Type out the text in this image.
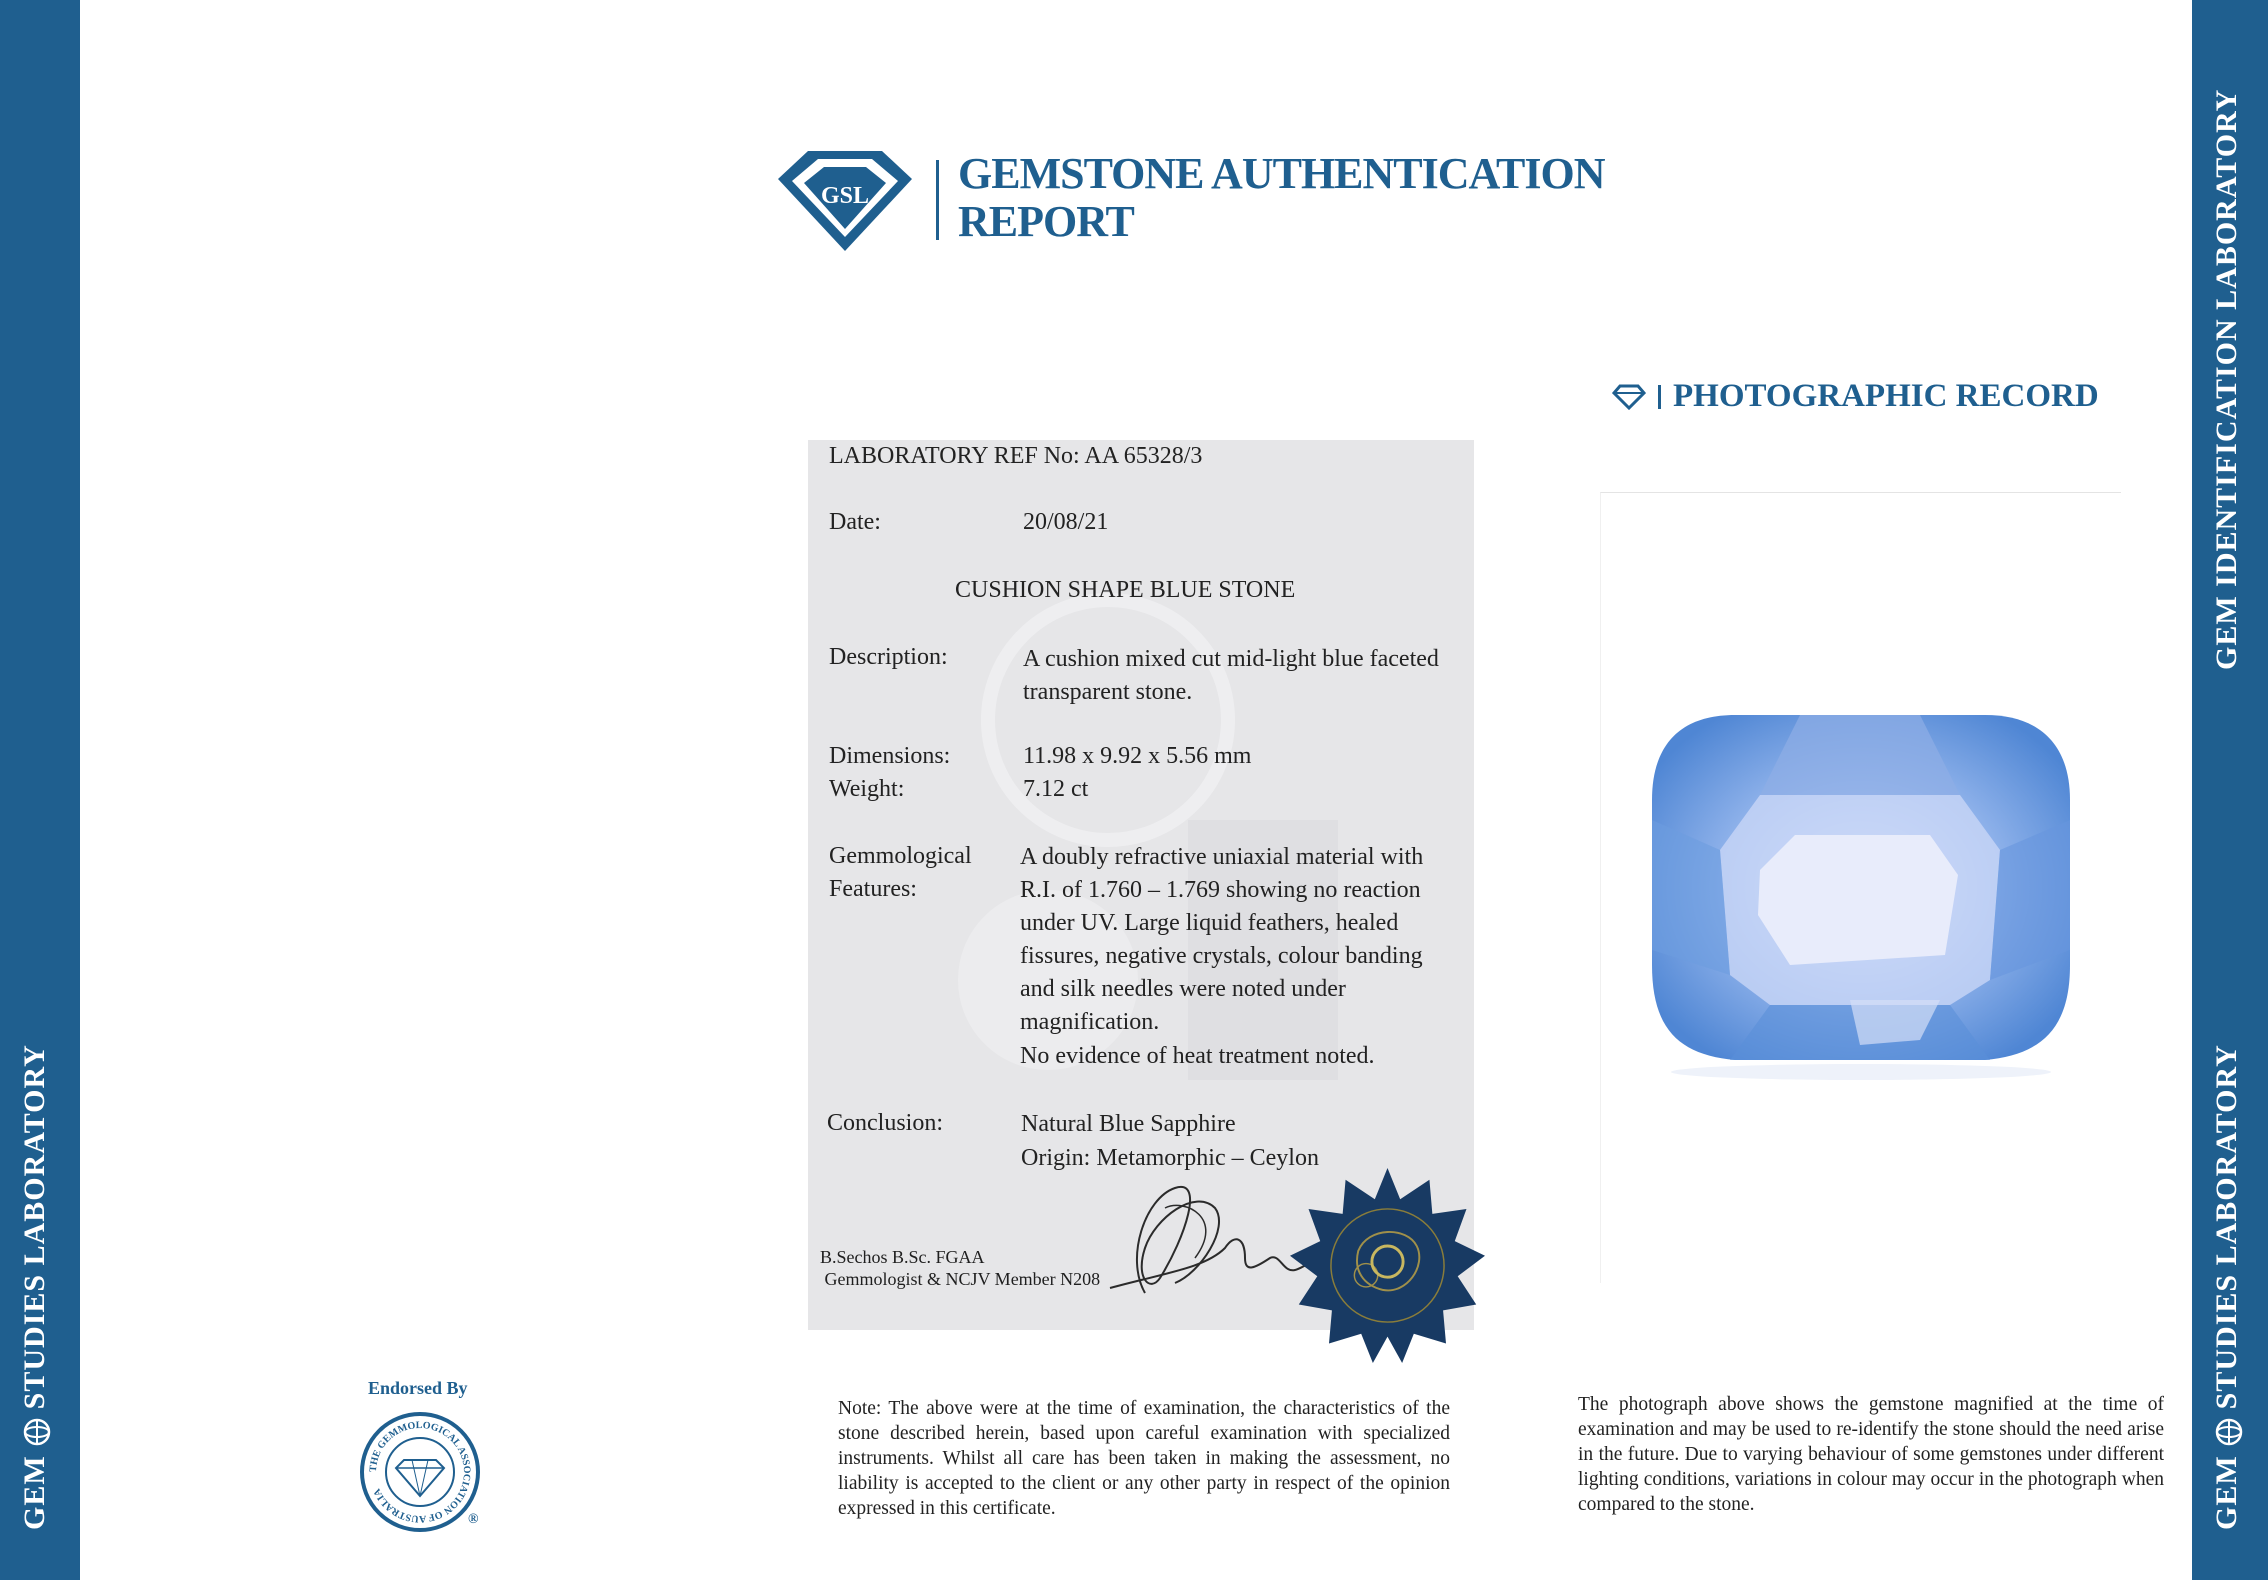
GEMSTUDIES LABORATORY
GEM IDENTIFICATION LABORATORY
GEMSTUDIES LABORATORY
GSL GEMSTONE AUTHENTICATION
REPORT
PHOTOGRAPHIC RECORD
LABORATORY REF No: AA 65328/3
Date:	20/08/21
CUSHION SHAPE BLUE STONE
Description:	A cushion mixed cut mid-light blue faceted
transparent stone.
Dimensions:	11.98 x 9.92 x 5.56 mm
Weight:	7.12 ct
Gemmological
Features:
A doubly refractive uniaxial material with
R.I. of 1.760 – 1.769 showing no reaction
under UV. Large liquid feathers, healed
fissures, negative crystals, colour banding
and silk needles were noted under
magnification.
No evidence of heat treatment noted.
Conclusion:	Natural Blue Sapphire
Origin: Metamorphic – Ceylon
B.Sechos B.Sc. FGAA
Gemmologist & NCJV Member N208
Note: The above were at the time of examination, the characteristics of the stone described herein, based upon careful examination with specialized instruments. Whilst all care has been taken in making the assessment, no liability is accepted to the client or any other party in respect of the opinion expressed in this certificate.
The photograph above shows the gemstone magnified at the time of examination and may be used to re-identify the stone should the need arise in the future. Due to varying behaviour of some gemstones under different lighting conditions, variations in colour may occur in the photograph when compared to the stone.
Endorsed By
THE GEMMOLOGICAL ASSOCIATION OF AUSTRALIA
®
